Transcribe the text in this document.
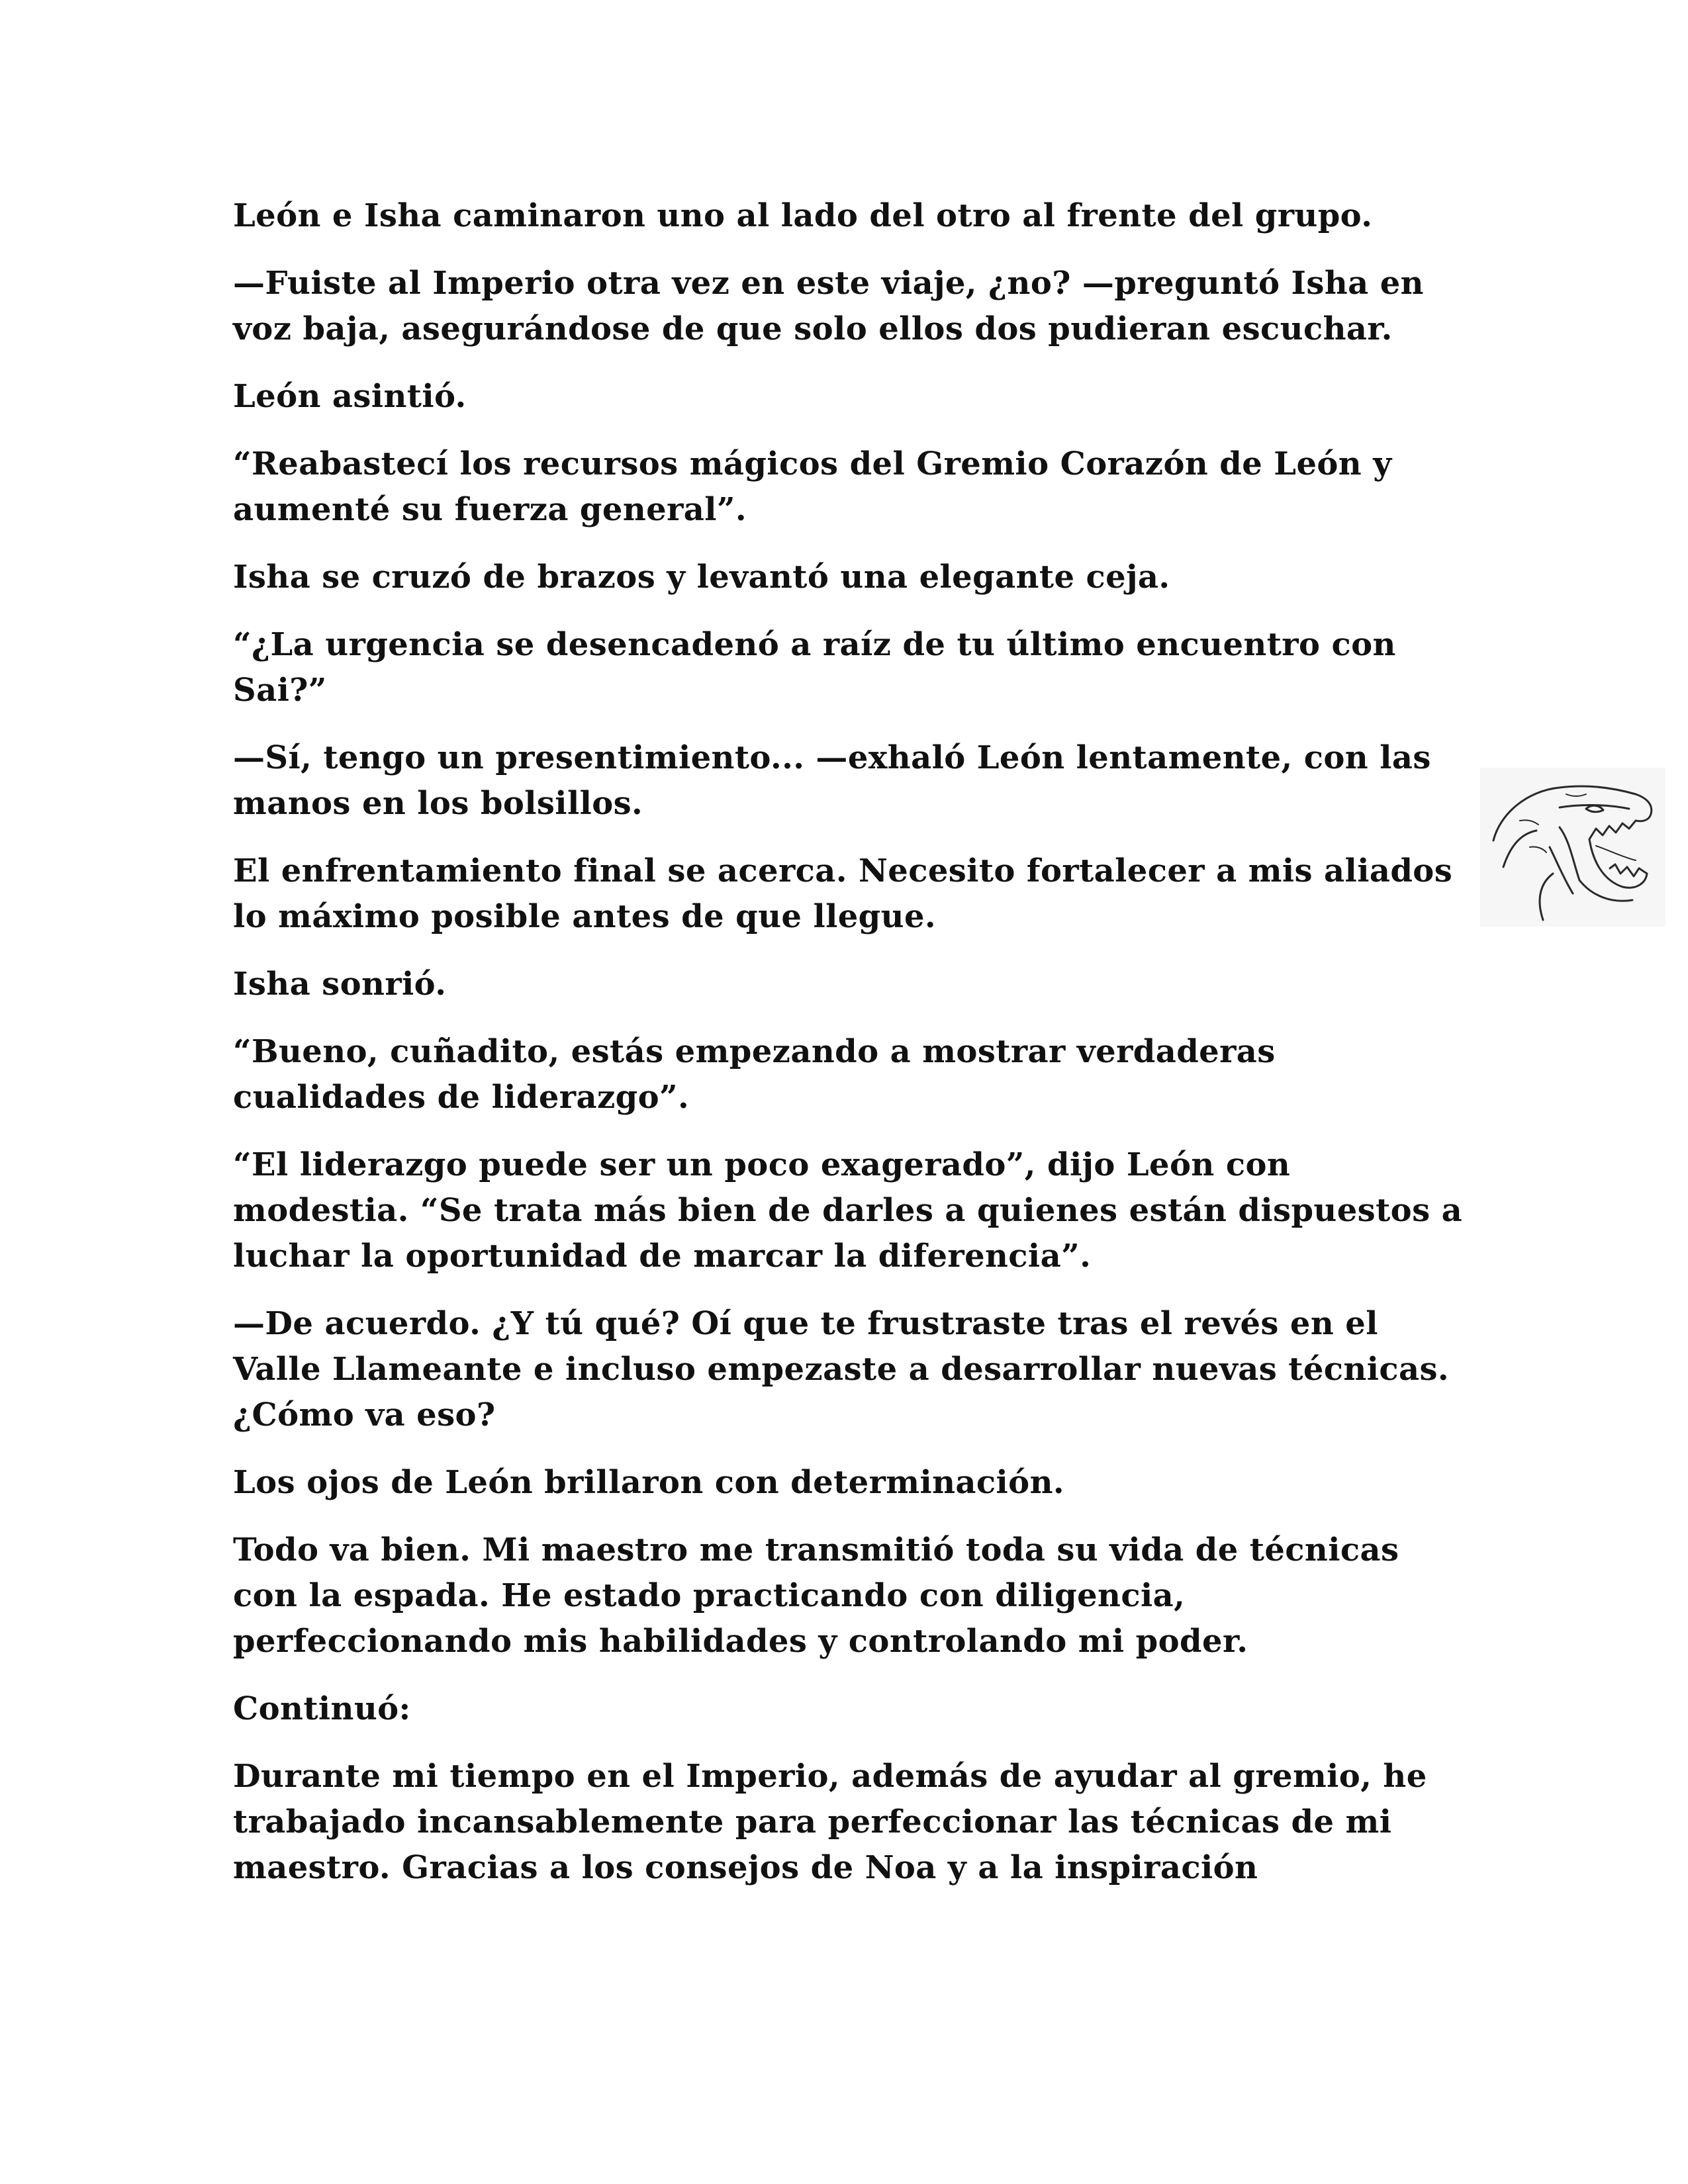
León e Isha caminaron uno al lado del otro al frente del grupo.

—Fuiste al Imperio otra vez en este viaje, ¿no? —preguntó Isha en voz baja, asegurándose de que solo ellos dos pudieran escuchar.

León asintió.

“Reabastecí los recursos mágicos del Gremio Corazón de León y aumenté su fuerza general”.

Isha se cruzó de brazos y levantó una elegante ceja.

“¿La urgencia se desencadenó a raíz de tu último encuentro con Sai?”

—Sí, tengo un presentimiento... —exhaló León lentamente, con las manos en los bolsillos.

El enfrentamiento final se acerca. Necesito fortalecer a mis aliados lo máximo posible antes de que llegue.

Isha sonrió.

“Bueno, cuñadito, estás empezando a mostrar verdaderas cualidades de liderazgo”.

“El liderazgo puede ser un poco exagerado”, dijo León con modestia. “Se trata más bien de darles a quienes están dispuestos a luchar la oportunidad de marcar la diferencia”.

—De acuerdo. ¿Y tú qué? Oí que te frustraste tras el revés en el Valle Llameante e incluso empezaste a desarrollar nuevas técnicas. ¿Cómo va eso?

Los ojos de León brillaron con determinación.

Todo va bien. Mi maestro me transmitió toda su vida de técnicas con la espada. He estado practicando con diligencia, perfeccionando mis habilidades y controlando mi poder.

Continuó:

Durante mi tiempo en el Imperio, además de ayudar al gremio, he trabajado incansablemente para perfeccionar las técnicas de mi maestro. Gracias a los consejos de Noa y a la inspiración
